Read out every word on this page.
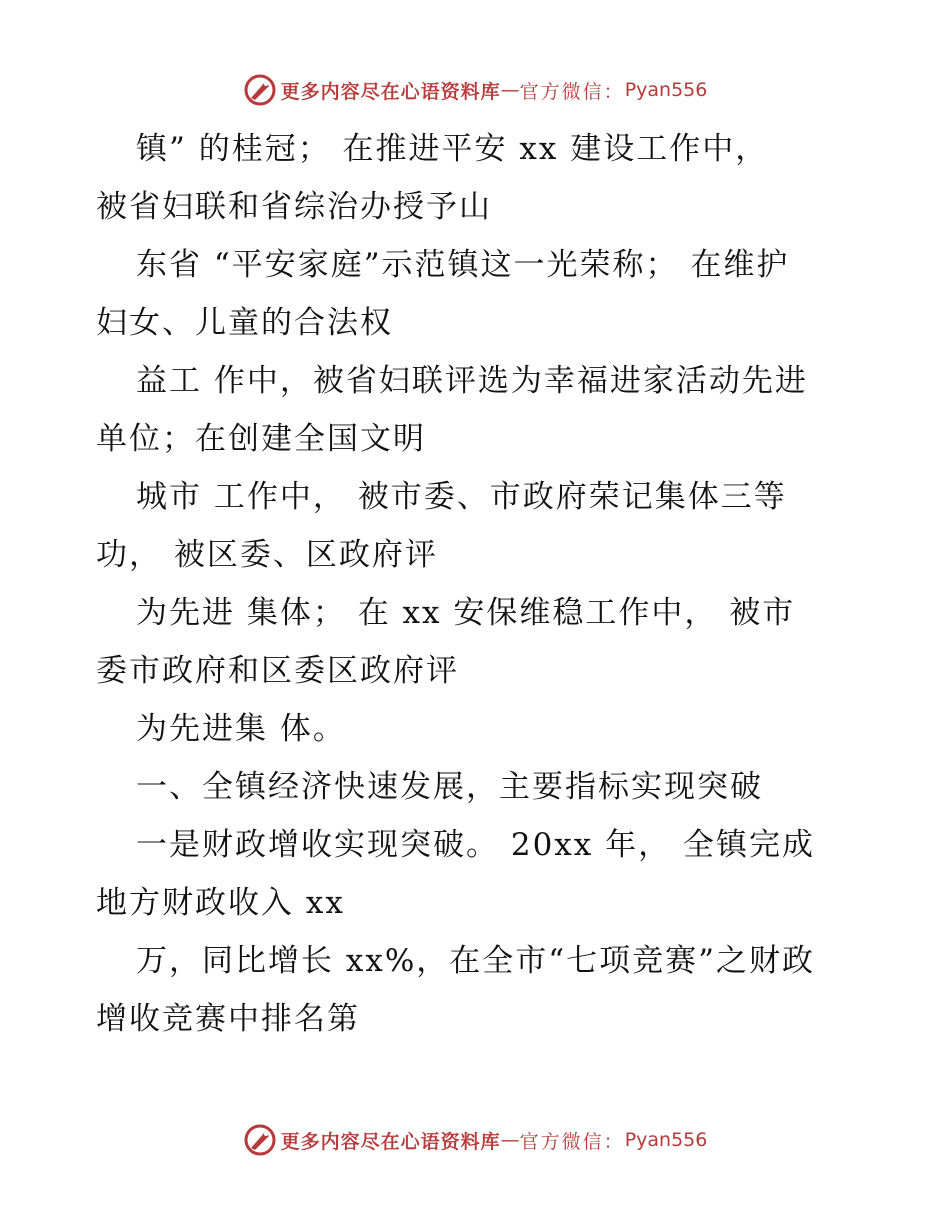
更多内容尽在心语资料库 — 官方微信： Pyan556
镇” 的桂冠； 在推进平安 xx 建设工作中，
被省妇联和省综治办授予山
东省 “平安家庭”示范镇这一光荣称； 在维护
妇女、儿童的合法权
益工 作中，被省妇联评选为幸福进家活动先进
单位；在创建全国文明
城市 工作中， 被市委、市政府荣记集体三等
功， 被区委、区政府评
为先进 集体； 在 xx 安保维稳工作中， 被市
委市政府和区委区政府评
为先进集 体。
一、全镇经济快速发展，主要指标实现突破
一是财政增收实现突破。 20xx 年， 全镇完成
地方财政收入 xx
万，同比增长 xx%，在全市“七项竞赛”之财政
增收竞赛中排名第
更多内容尽在心语资料库 — 官方微信： Pyan556
